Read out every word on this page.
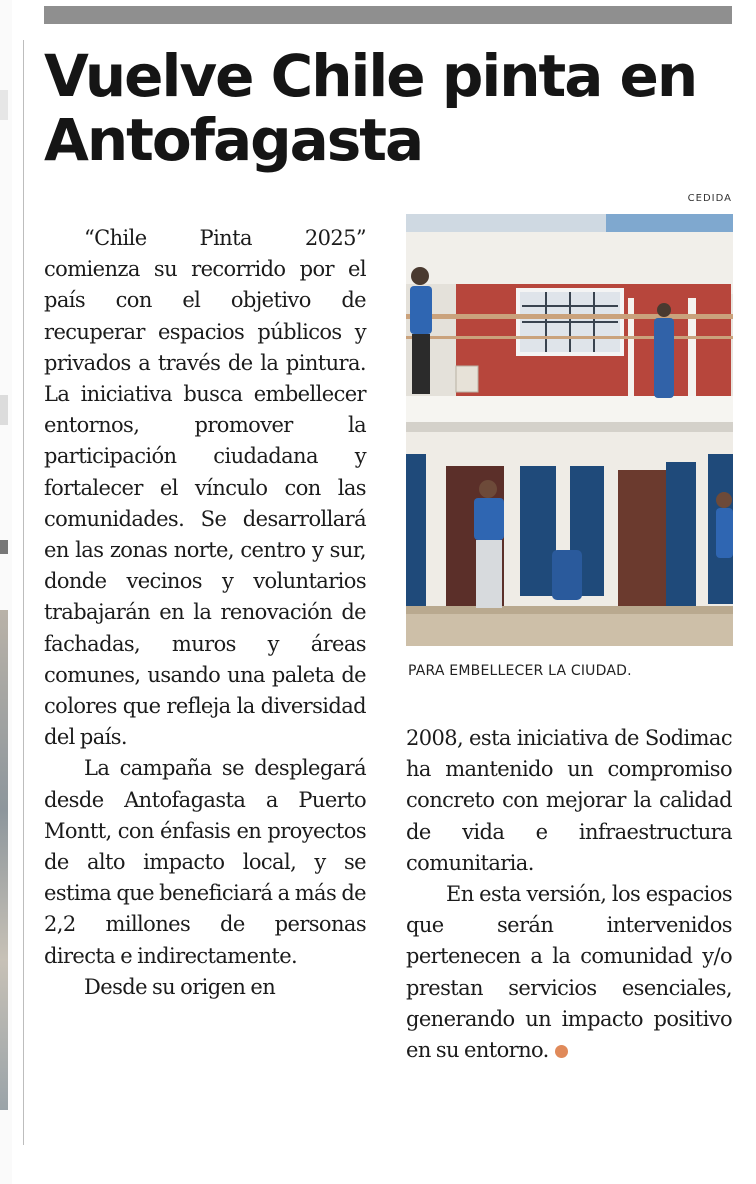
Vuelve Chile pinta en Antofagasta
CEDIDA

“Chile Pinta 2025” comienza su recorrido por el país con el objetivo de recuperar espacios públicos y privados a través de la pintura. La iniciativa busca embellecer entornos, promover la participación ciudadana y fortalecer el vínculo con las comunidades. Se desarrollará en las zonas norte, centro y sur, donde vecinos y voluntarios trabajarán en la renovación de fachadas, muros y áreas comunes, usando una paleta de colores que refleja la diversidad del país.

La campaña se desplegará desde Antofagasta a Puerto Montt, con énfasis en proyectos de alto impacto local, y se estima que beneficiará a más de 2,2 millones de personas directa e indirectamente.

Desde su origen en

PARA EMBELLECER LA CIUDAD.

2008, esta iniciativa de Sodimac ha mantenido un compromiso concreto con mejorar la calidad de vida e infraestructura comunitaria.

En esta versión, los espacios que serán intervenidos pertenecen a la comunidad y/o prestan servicios esenciales, generando un impacto positivo en su entorno.
